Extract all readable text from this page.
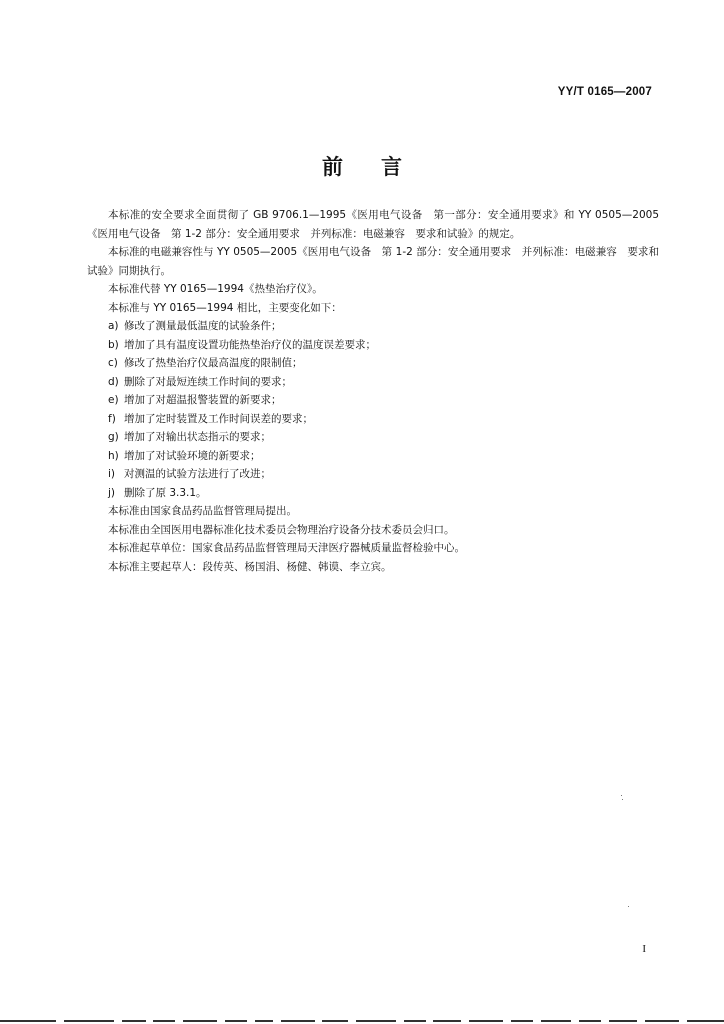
YY/T 0165—2007
前言

本标准的安全要求全面贯彻了 GB 9706.1—1995《医用电气设备　第一部分：安全通用要求》和 YY 0505—2005《医用电气设备　第 1-2 部分：安全通用要求　并列标准：电磁兼容　要求和试验》的规定。

本标准的电磁兼容性与 YY 0505—2005《医用电气设备　第 1-2 部分：安全通用要求　并列标准：电磁兼容　要求和试验》同期执行。

本标准代替 YY 0165—1994《热垫治疗仪》。

本标准与 YY 0165—1994 相比，主要变化如下：

a) 修改了测量最低温度的试验条件；
b) 增加了具有温度设置功能热垫治疗仪的温度误差要求；
c) 修改了热垫治疗仪最高温度的限制值；
d) 删除了对最短连续工作时间的要求；
e) 增加了对超温报警装置的新要求；
f) 增加了定时装置及工作时间误差的要求；
g) 增加了对输出状态指示的要求；
h) 增加了对试验环境的新要求；
i) 对测温的试验方法进行了改进；
j) 删除了原 3.3.1。

本标准由国家食品药品监督管理局提出。

本标准由全国医用电器标准化技术委员会物理治疗设备分技术委员会归口。

本标准起草单位：国家食品药品监督管理局天津医疗器械质量监督检验中心。

本标准主要起草人：段传英、杨国涓、杨健、韩谟、李立宾。

I
